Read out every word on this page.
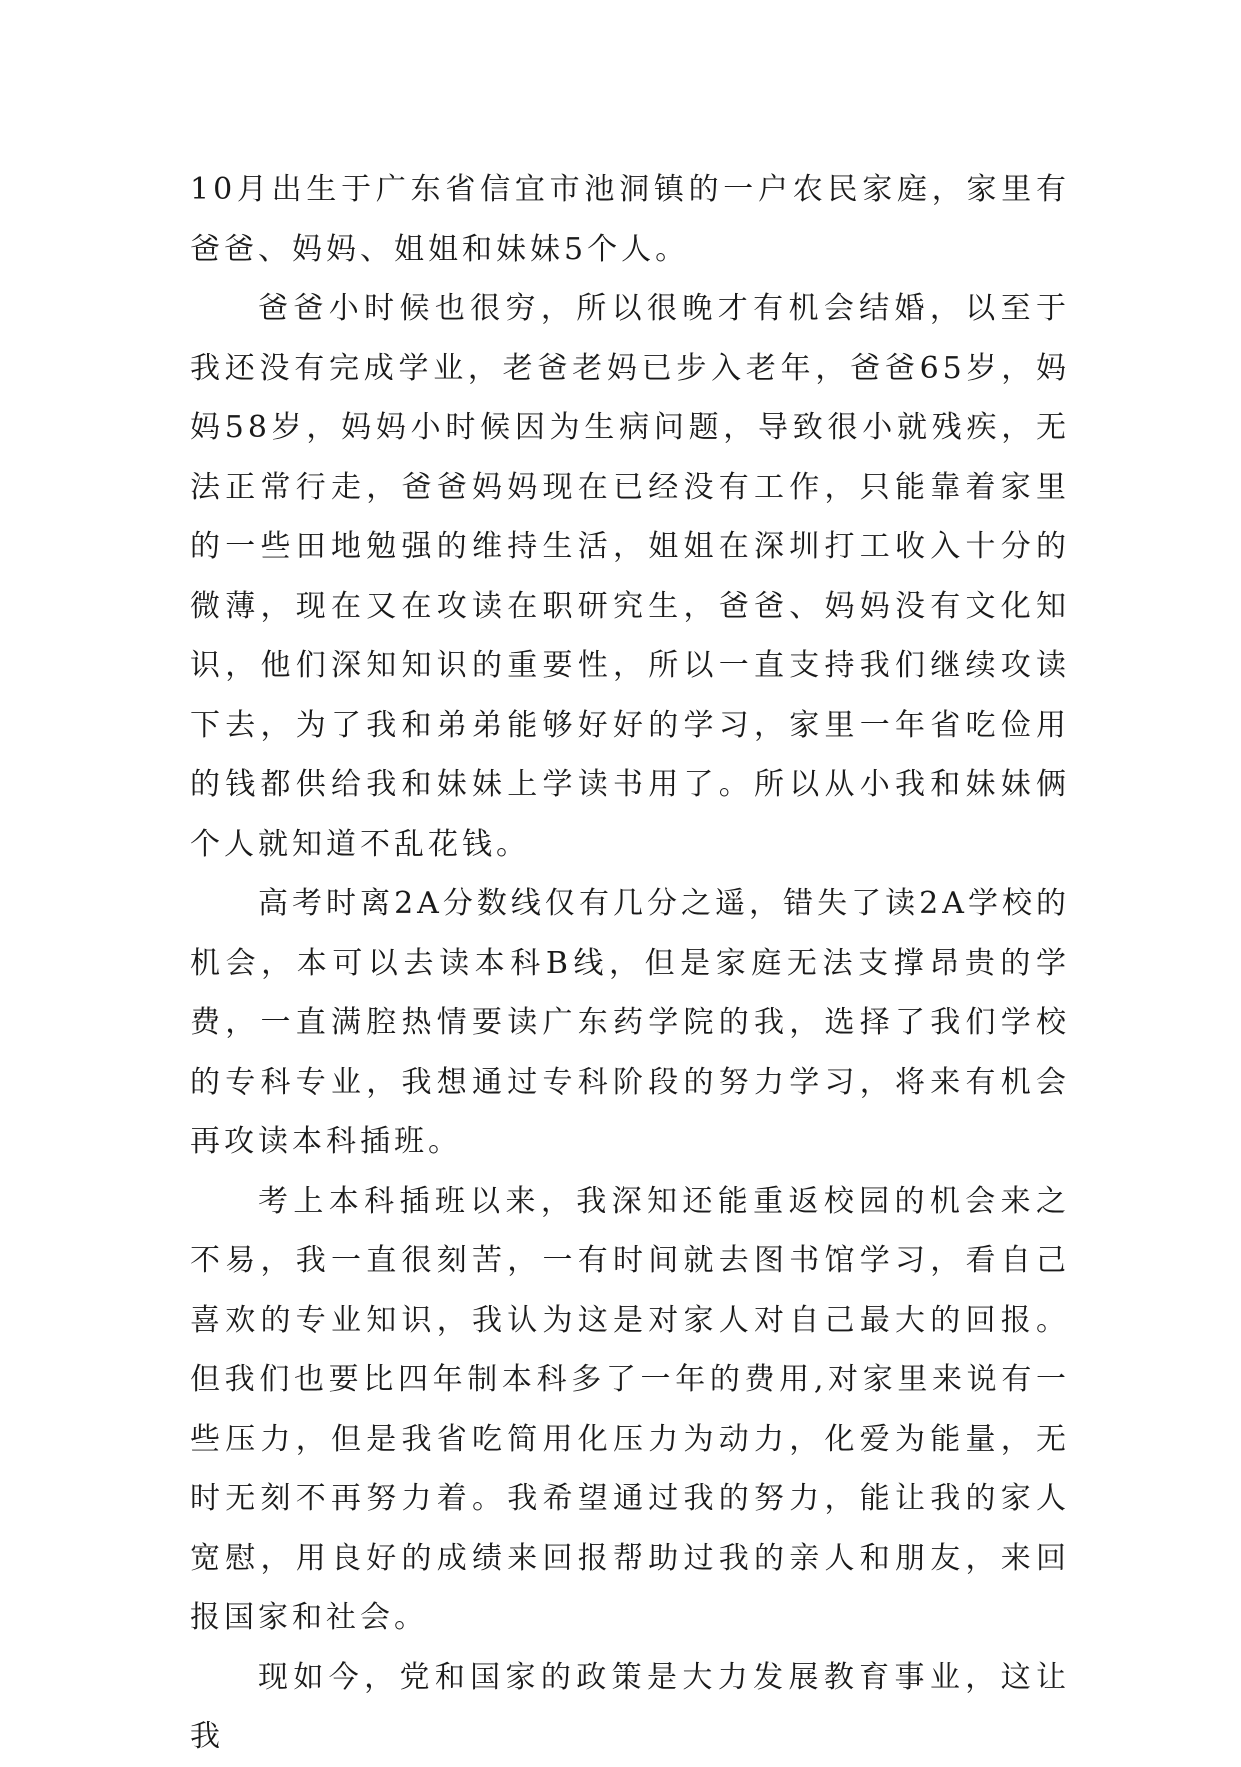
10月出生于广东省信宜市池洞镇的一户农民家庭，家里有爸爸、妈妈、姐姐和妹妹5个人。

爸爸小时候也很穷，所以很晚才有机会结婚，以至于我还没有完成学业，老爸老妈已步入老年，爸爸65岁，妈妈58岁，妈妈小时候因为生病问题，导致很小就残疾，无法正常行走，爸爸妈妈现在已经没有工作，只能靠着家里的一些田地勉强的维持生活，姐姐在深圳打工收入十分的微薄，现在又在攻读在职研究生，爸爸、妈妈没有文化知识，他们深知知识的重要性，所以一直支持我们继续攻读下去，为了我和弟弟能够好好的学习，家里一年省吃俭用的钱都供给我和妹妹上学读书用了。所以从小我和妹妹俩个人就知道不乱花钱。

高考时离2A分数线仅有几分之遥，错失了读2A学校的机会，本可以去读本科B线，但是家庭无法支撑昂贵的学费，一直满腔热情要读广东药学院的我，选择了我们学校的专科专业，我想通过专科阶段的努力学习，将来有机会再攻读本科插班。

考上本科插班以来，我深知还能重返校园的机会来之不易，我一直很刻苦，一有时间就去图书馆学习，看自己喜欢的专业知识，我认为这是对家人对自己最大的回报。但我们也要比四年制本科多了一年的费用,对家里来说有一些压力，但是我省吃简用化压力为动力，化爱为能量，无时无刻不再努力着。我希望通过我的努力，能让我的家人宽慰，用良好的成绩来回报帮助过我的亲人和朋友，来回报国家和社会。

现如今，党和国家的政策是大力发展教育事业，这让我
